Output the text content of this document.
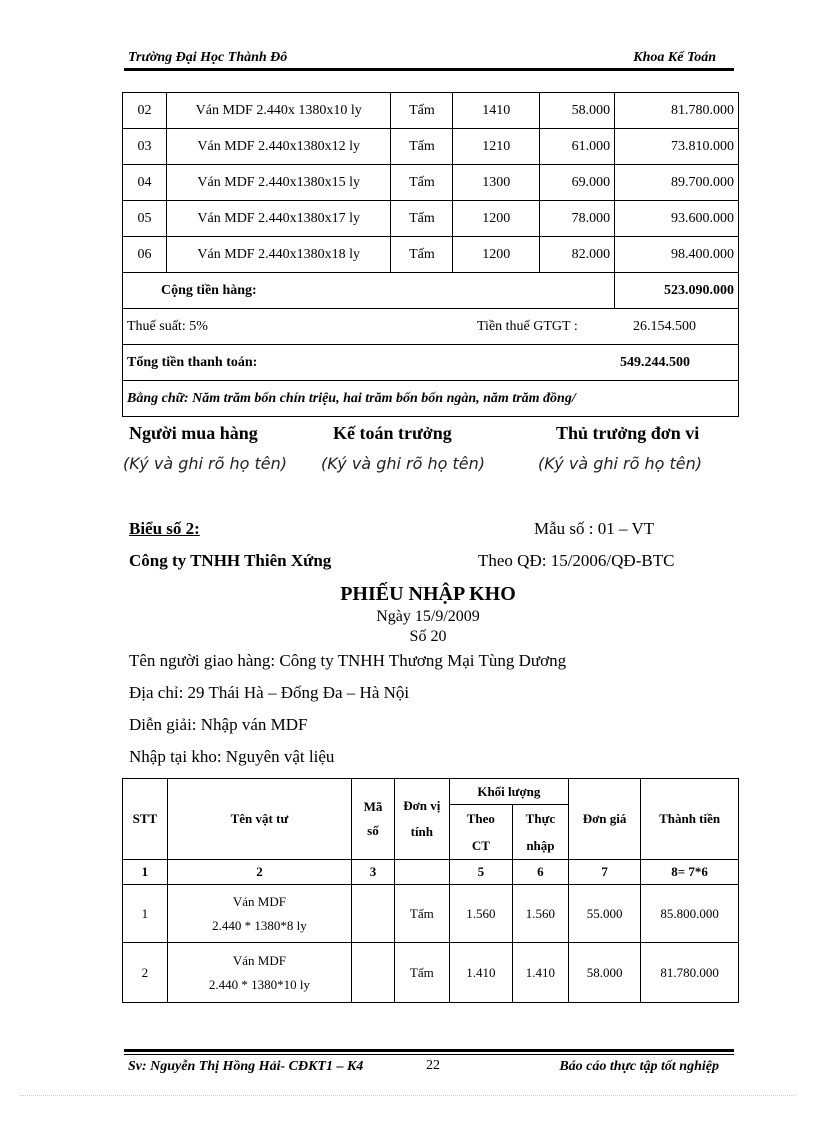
Trường Đại Học Thành Đô	Khoa Kế Toán
02	Ván MDF 2.440x 1380x10 ly	Tấm	1410	58.000	81.780.000
03	Ván MDF 2.440x1380x12 ly	Tấm	1210	61.000	73.810.000
04	Ván MDF 2.440x1380x15 ly	Tấm	1300	69.000	89.700.000
05	Ván MDF 2.440x1380x17 ly	Tấm	1200	78.000	93.600.000
06	Ván MDF 2.440x1380x18 ly	Tấm	1200	82.000	98.400.000
Cộng tiền hàng:					523.090.000
Thuế suất: 5% Tiền thuế GTGT : 26.154.500					

Tổng tiền thanh toán: 549.244.500					

Bằng chữ: Năm trăm bốn chín triệu, hai trăm bốn bốn ngàn, năm trăm đồng/					
Người mua hàng	Kế toán trưởng	Thủ trưởng đơn vi
(Ký và ghi rõ họ tên) (Ký và ghi rõ họ tên)	(Ký và ghi rõ họ tên)
Biểu số 2:	Mẫu số : 01 – VT
Công ty TNHH Thiên Xứng	Theo QĐ: 15/2006/QĐ-BTC
PHIẾU NHẬP KHO
Ngày 15/9/2009
Số 20
Tên người giao hàng: Công ty TNHH Thương Mại Tùng Dương
Địa chỉ: 29 Thái Hà – Đống Đa – Hà Nội
Diễn giải: Nhập ván MDF
Nhập tại kho: Nguyên vật liệu
STT	Tên vật tư	Mã số	Đơn vị tính	Khối lượng		Đơn giá	Thành tiền

				Theo CT	Thực nhập		

1	2	3		5	6	7	8= 7*6
1	Ván MDF
2.440 * 1380*8 ly		Tấm	1.560	1.560	55.000	85.800.000
2	Ván MDF
2.440 * 1380*10 ly		Tấm	1.410	1.410	58.000	81.780.000
Sv: Nguyễn Thị Hồng Hải- CĐKT1 – K4	22	Báo cáo thực tập tốt nghiệp
